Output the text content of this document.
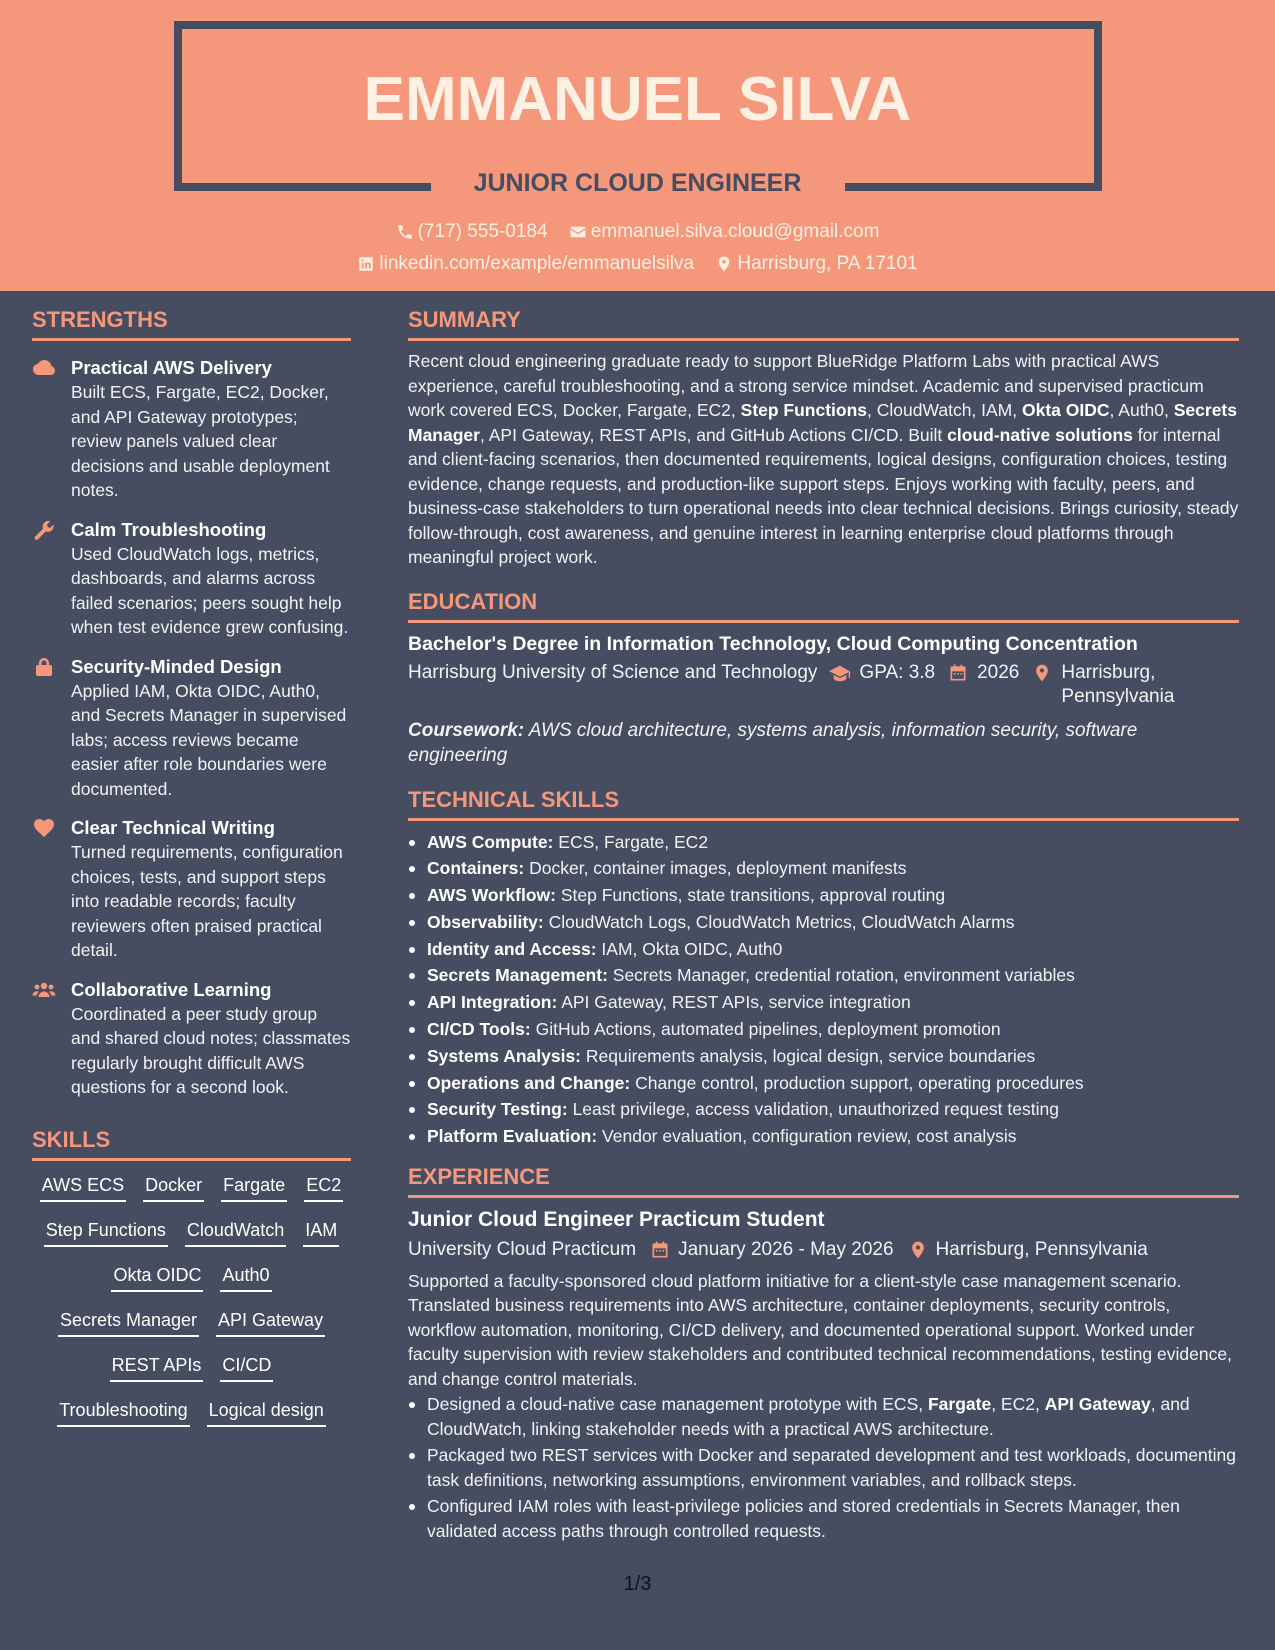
EMMANUEL SILVA
JUNIOR CLOUD ENGINEER
(717) 555-0184
emmanuel.silva.cloud@gmail.com
linkedin.com/example/emmanuelsilva
Harrisburg, PA 17101
STRENGTHS
Practical AWS Delivery
Built ECS, Fargate, EC2, Docker, and API Gateway prototypes; review panels valued clear decisions and usable deployment notes.
Calm Troubleshooting
Used CloudWatch logs, metrics, dashboards, and alarms across failed scenarios; peers sought help when test evidence grew confusing.
Security-Minded Design
Applied IAM, Okta OIDC, Auth0, and Secrets Manager in supervised labs; access reviews became easier after role boundaries were documented.
Clear Technical Writing
Turned requirements, configuration choices, tests, and support steps into readable records; faculty reviewers often praised practical detail.
Collaborative Learning
Coordinated a peer study group and shared cloud notes; classmates regularly brought difficult AWS questions for a second look.
SKILLS
AWS ECS Docker Fargate EC2
Step Functions CloudWatch IAM
Okta OIDC Auth0
Secrets Manager API Gateway
REST APIs CI/CD
Troubleshooting Logical design
SUMMARY

Recent cloud engineering graduate ready to support BlueRidge Platform Labs with practical AWS experience, careful troubleshooting, and a strong service mindset. Academic and supervised practicum work covered ECS, Docker, Fargate, EC2, Step Functions, CloudWatch, IAM, Okta OIDC, Auth0, Secrets Manager, API Gateway, REST APIs, and GitHub Actions CI/CD. Built cloud-native solutions for internal and client-facing scenarios, then documented requirements, logical designs, configuration choices, testing evidence, change requests, and production-like support steps. Enjoys working with faculty, peers, and business-case stakeholders to turn operational needs into clear technical decisions. Brings curiosity, steady follow-through, cost awareness, and genuine interest in learning enterprise cloud platforms through meaningful project work.

EDUCATION
Bachelor's Degree in Information Technology, Cloud Computing Concentration
Harrisburg University of Science and Technology GPA: 3.8 2026 Harrisburg, Pennsylvania
Coursework: AWS cloud architecture, systems analysis, information security, software engineering
TECHNICAL SKILLS
AWS Compute: ECS, Fargate, EC2
Containers: Docker, container images, deployment manifests
AWS Workflow: Step Functions, state transitions, approval routing
Observability: CloudWatch Logs, CloudWatch Metrics, CloudWatch Alarms
Identity and Access: IAM, Okta OIDC, Auth0
Secrets Management: Secrets Manager, credential rotation, environment variables
API Integration: API Gateway, REST APIs, service integration
CI/CD Tools: GitHub Actions, automated pipelines, deployment promotion
Systems Analysis: Requirements analysis, logical design, service boundaries
Operations and Change: Change control, production support, operating procedures
Security Testing: Least privilege, access validation, unauthorized request testing
Platform Evaluation: Vendor evaluation, configuration review, cost analysis
EXPERIENCE
Junior Cloud Engineer Practicum Student
University Cloud Practicum January 2026 - May 2026 Harrisburg, Pennsylvania

Supported a faculty-sponsored cloud platform initiative for a client-style case management scenario. Translated business requirements into AWS architecture, container deployments, security controls, workflow automation, monitoring, CI/CD delivery, and documented operational support. Worked under faculty supervision with review stakeholders and contributed technical recommendations, testing evidence, and change control materials.

Designed a cloud-native case management prototype with ECS, Fargate, EC2, API Gateway, and CloudWatch, linking stakeholder needs with a practical AWS architecture.
Packaged two REST services with Docker and separated development and test workloads, documenting task definitions, networking assumptions, environment variables, and rollback steps.
Configured IAM roles with least-privilege policies and stored credentials in Secrets Manager, then validated access paths through controlled requests.
1/3
